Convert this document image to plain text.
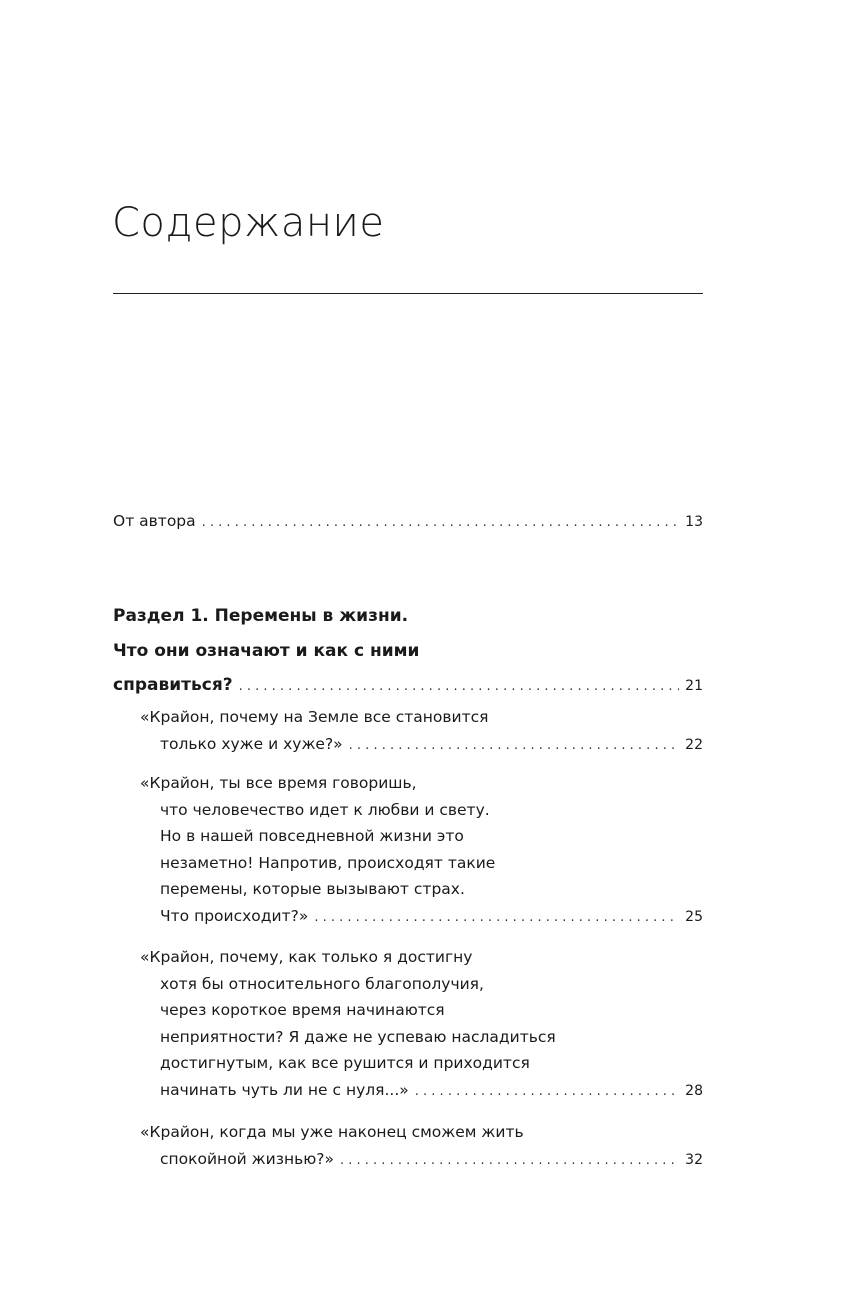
Содержание
От автора . . .	13
Раздел 1. Перемены в жизни.
Что они означают и как с ними
справиться? . . .	21
«Крайон, почему на Земле все становится
только хуже и хуже?» . . .	22
«Крайон, ты все время говоришь,
что человечество идет к любви и свету.
Но в нашей повседневной жизни это
незаметно! Напротив, происходят такие
перемены, которые вызывают страх.
Что происходит?» . . .	25
«Крайон, почему, как только я достигну
хотя бы относительного благополучия,
через короткое время начинаются
неприятности? Я даже не успеваю насладиться
достигнутым, как все рушится и приходится
начинать чуть ли не с нуля...» . . .	28
«Крайон, когда мы уже наконец сможем жить
спокойной жизнью?» . . .	32
